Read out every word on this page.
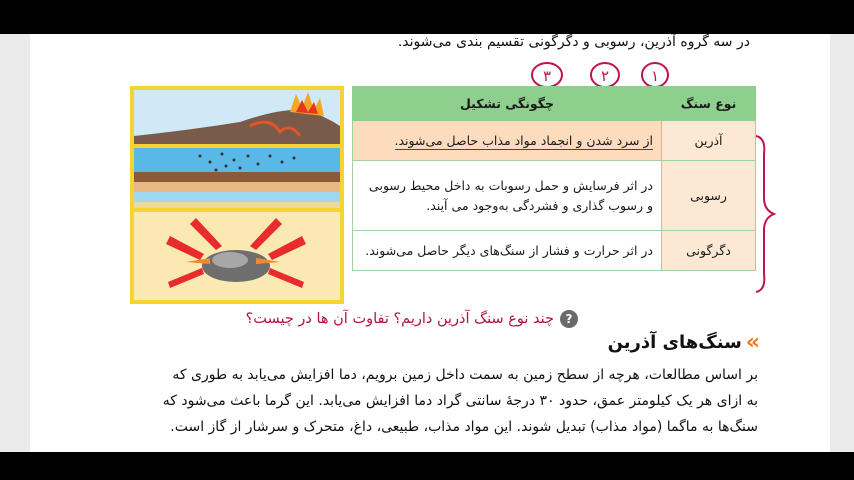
در سه گروه آذرین، رسوبی و دگرگونی تقسیم بندی می‌شوند.
۳	۲	۱
نوع سنگ	چگونگی تشکیل
آذرین	از سرد شدن و انجماد مواد مذاب حاصل می‌شوند.
رسوبی	در اثر فرسایش و حمل رسوبات به داخل محیط رسوبی و رسوب گذاری و فشردگی به‌وجود می آیند.
دگرگونی	در اثر حرارت و فشار از سنگ‌های دیگر حاصل می‌شوند.
?
چند نوع سنگ آذرین داریم؟ تفاوت آن ها در چیست؟
»
سنگ‌های آذرین

بر اساس مطالعات، هرچه از سطح زمین به سمت داخل زمین برویم، دما افزایش می‌یابد به طوری که

به ازای هر یک کیلومتر عمق، حدود ۳۰ درجهٔ سانتی گراد دما افزایش می‌یابد. این گرما باعث می‌شود که

سنگ‌ها به ماگما (مواد مذاب) تبدیل شوند. این مواد مذاب، طبیعی، داغ، متحرک و سرشار از گاز است.
